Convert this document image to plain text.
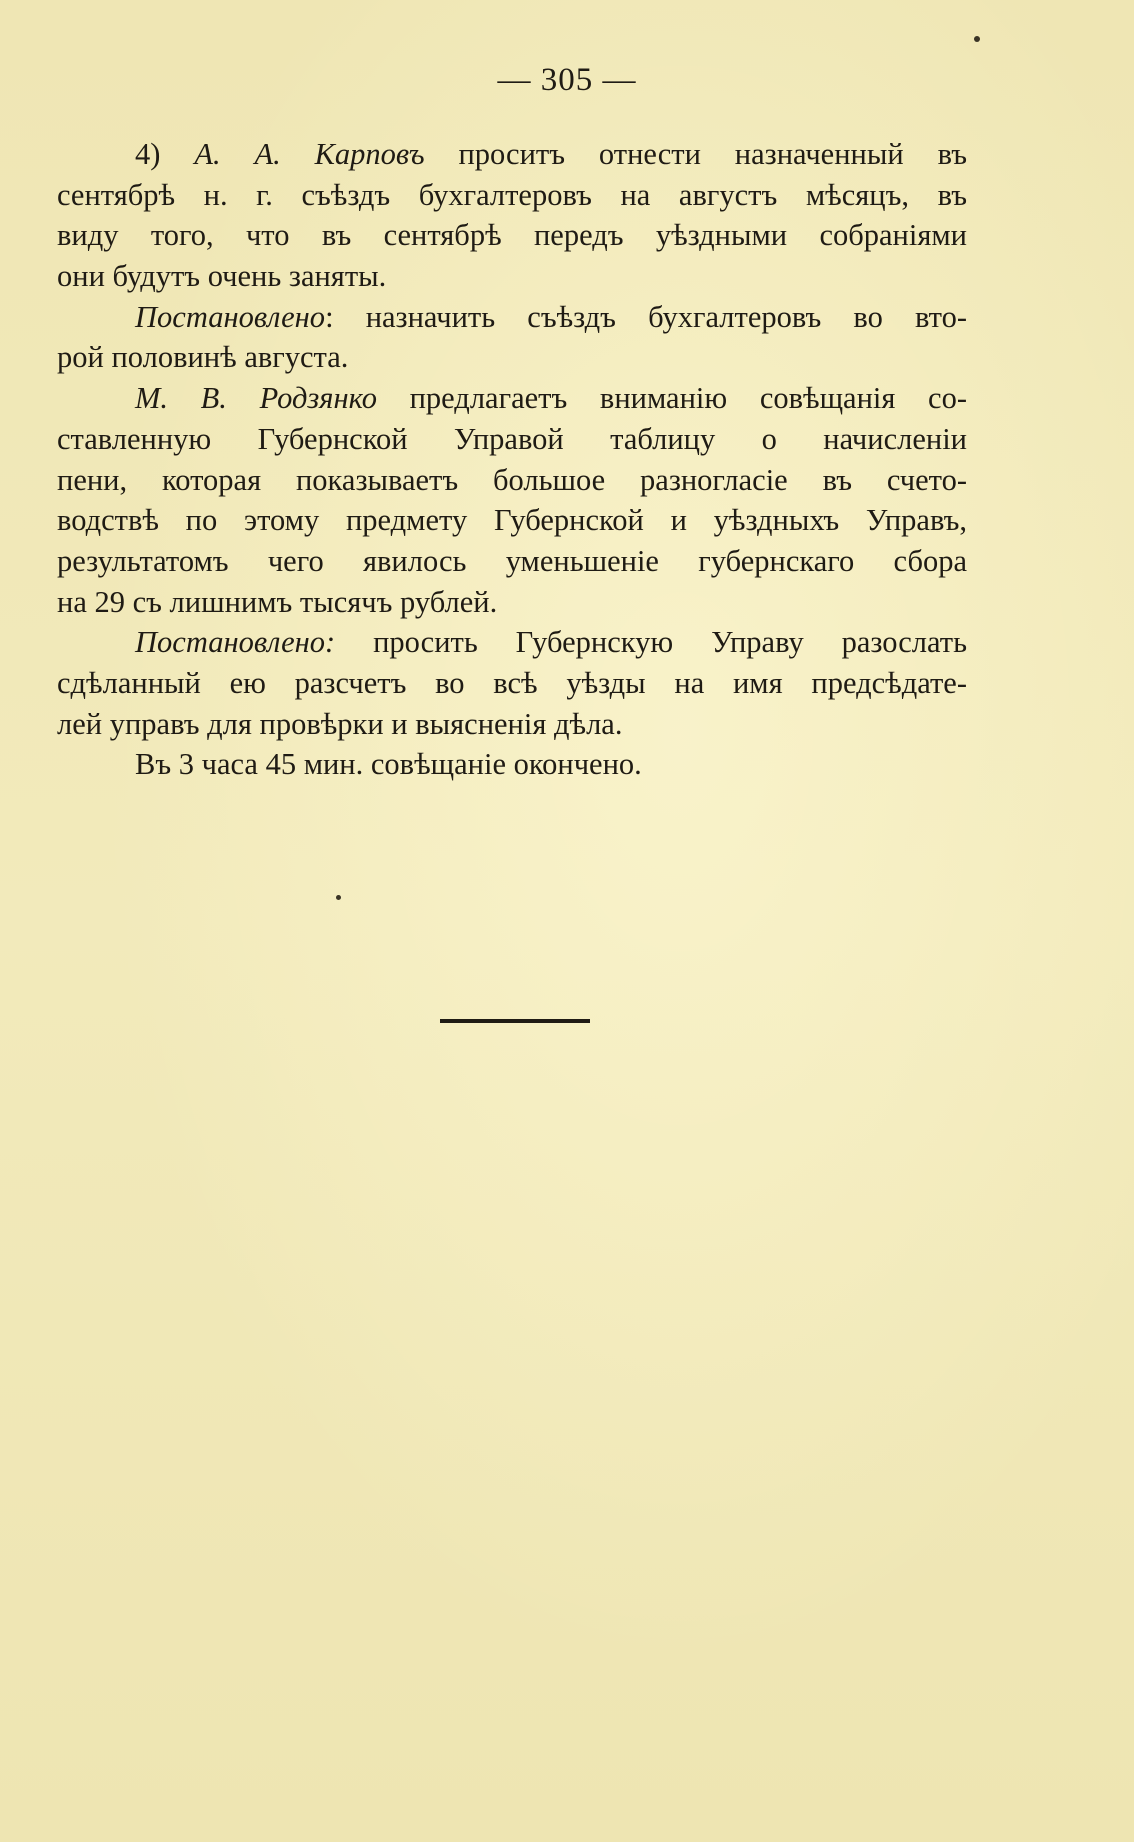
— 305 —
4) А. А. Карповъ проситъ отнести назначенный въ
сентябрѣ н. г. съѣздъ бухгалтеровъ на августъ мѣсяцъ, въ
виду того, что въ сентябрѣ передъ уѣздными собраніями
они будутъ очень заняты.
Постановлено: назначить съѣздъ бухгалтеровъ во вто-
рой половинѣ августа.
М. В. Родзянко предлагаетъ вниманію совѣщанія со-
ставленную Губернской Управой таблицу о начисленіи
пени, которая показываетъ большое разногласіе въ счето-
водствѣ по этому предмету Губернской и уѣздныхъ Управъ,
результатомъ чего явилось уменьшеніе губернскаго сбора
на 29 съ лишнимъ тысячъ рублей.
Постановлено: просить Губернскую Управу разослать
сдѣланный ею разсчетъ во всѣ уѣзды на имя предсѣдате-
лей управъ для провѣрки и выясненія дѣла.
Въ 3 часа 45 мин. совѣщаніе окончено.
